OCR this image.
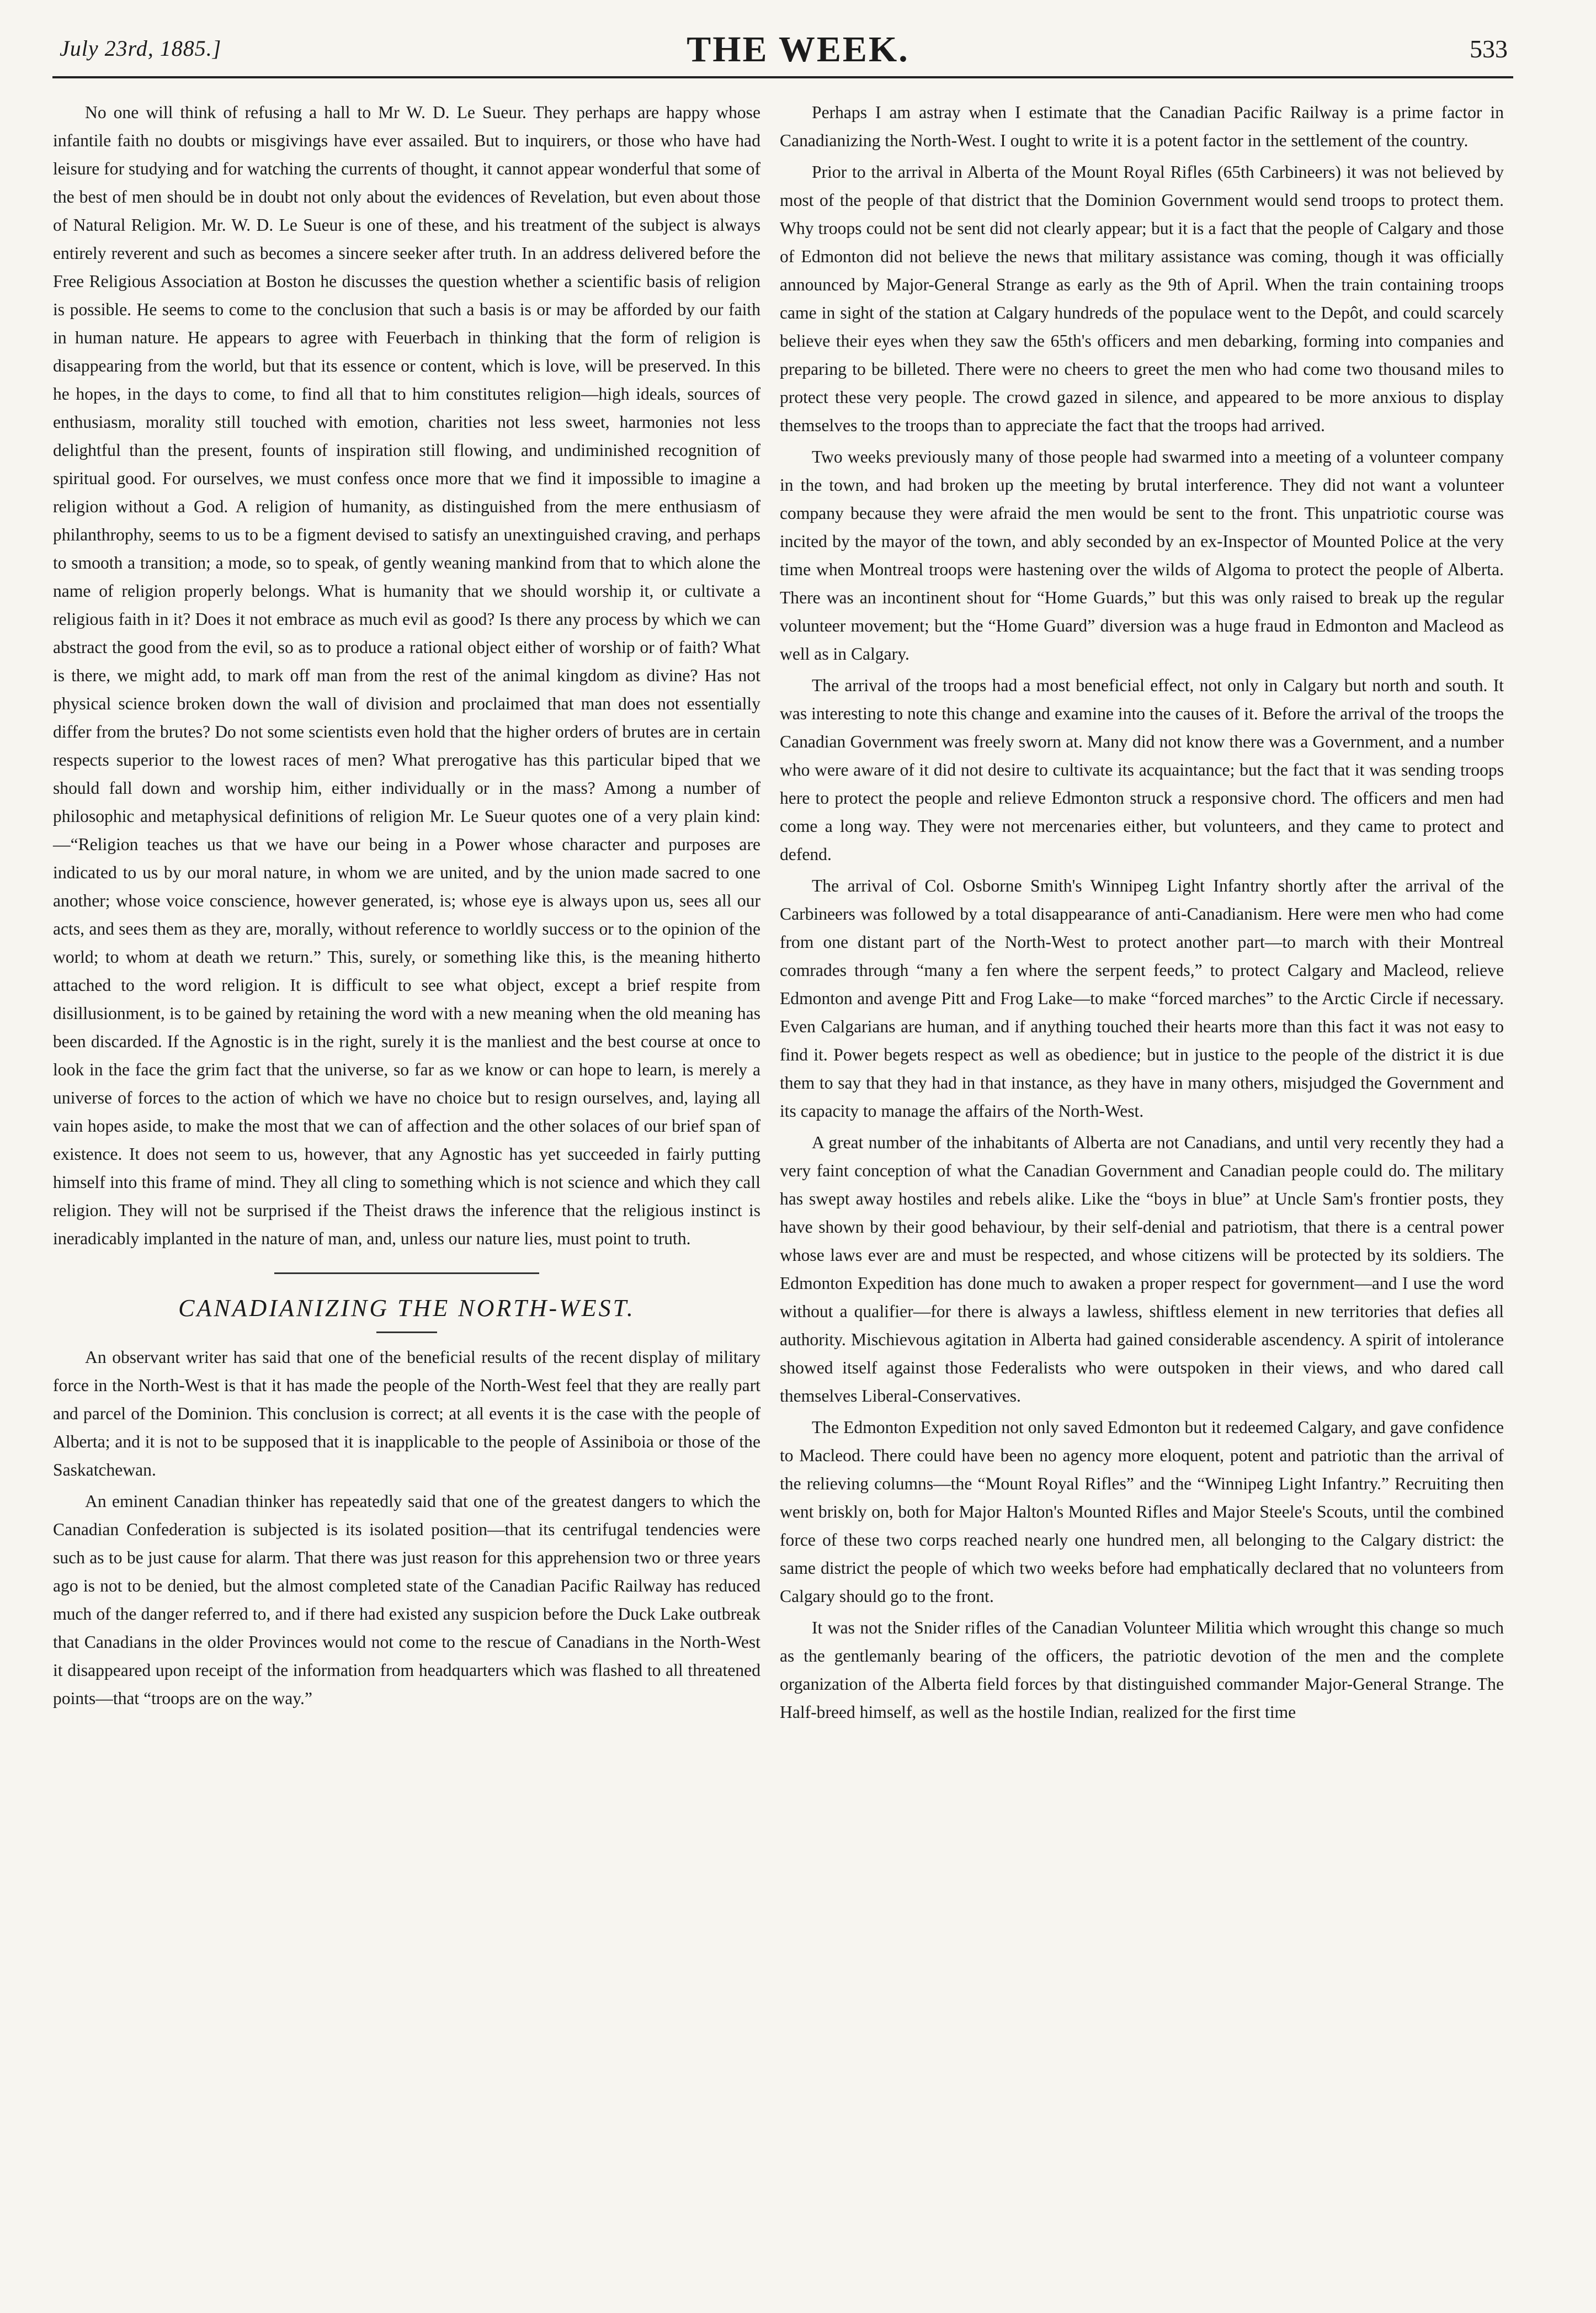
July 23rd, 1885.]	THE WEEK.	533

No one will think of refusing a hall to Mr W. D. Le Sueur. They perhaps are happy whose infantile faith no doubts or misgivings have ever assailed. But to inquirers, or those who have had leisure for studying and for watching the currents of thought, it cannot appear wonderful that some of the best of men should be in doubt not only about the evidences of Revelation, but even about those of Natural Religion. Mr. W. D. Le Sueur is one of these, and his treatment of the subject is always entirely reverent and such as becomes a sincere seeker after truth. In an address delivered before the Free Religious Association at Boston he discusses the question whether a scientific basis of religion is possible. He seems to come to the conclusion that such a basis is or may be afforded by our faith in human nature. He appears to agree with Feuerbach in thinking that the form of religion is disappearing from the world, but that its essence or content, which is love, will be preserved. In this he hopes, in the days to come, to find all that to him constitutes religion—high ideals, sources of enthusiasm, morality still touched with emotion, charities not less sweet, harmonies not less delightful than the present, founts of inspiration still flowing, and undiminished recognition of spiritual good. For ourselves, we must confess once more that we find it impossible to imagine a religion without a God. A religion of humanity, as distinguished from the mere enthusiasm of philanthrophy, seems to us to be a figment devised to satisfy an unextinguished craving, and perhaps to smooth a transition; a mode, so to speak, of gently weaning mankind from that to which alone the name of religion properly belongs. What is humanity that we should worship it, or cultivate a religious faith in it? Does it not embrace as much evil as good? Is there any process by which we can abstract the good from the evil, so as to produce a rational object either of worship or of faith? What is there, we might add, to mark off man from the rest of the animal kingdom as divine? Has not physical science broken down the wall of division and proclaimed that man does not essentially differ from the brutes? Do not some scientists even hold that the higher orders of brutes are in certain respects superior to the lowest races of men? What prerogative has this particular biped that we should fall down and worship him, either individually or in the mass? Among a number of philosophic and metaphysical definitions of religion Mr. Le Sueur quotes one of a very plain kind:—“Religion teaches us that we have our being in a Power whose character and purposes are indicated to us by our moral nature, in whom we are united, and by the union made sacred to one another; whose voice conscience, however generated, is; whose eye is always upon us, sees all our acts, and sees them as they are, morally, without reference to worldly success or to the opinion of the world; to whom at death we return.” This, surely, or something like this, is the meaning hitherto attached to the word religion. It is difficult to see what object, except a brief respite from disillusionment, is to be gained by retaining the word with a new meaning when the old meaning has been discarded. If the Agnostic is in the right, surely it is the manliest and the best course at once to look in the face the grim fact that the universe, so far as we know or can hope to learn, is merely a universe of forces to the action of which we have no choice but to resign ourselves, and, laying all vain hopes aside, to make the most that we can of affection and the other solaces of our brief span of existence. It does not seem to us, however, that any Agnostic has yet succeeded in fairly putting himself into this frame of mind. They all cling to something which is not science and which they call religion. They will not be surprised if the Theist draws the inference that the religious instinct is ineradicably implanted in the nature of man, and, unless our nature lies, must point to truth.

CANADIANIZING THE NORTH-WEST.

An observant writer has said that one of the beneficial results of the recent display of military force in the North-West is that it has made the people of the North-West feel that they are really part and parcel of the Dominion. This conclusion is correct; at all events it is the case with the people of Alberta; and it is not to be supposed that it is inapplicable to the people of Assiniboia or those of the Saskatchewan.

An eminent Canadian thinker has repeatedly said that one of the greatest dangers to which the Canadian Confederation is subjected is its isolated position—that its centrifugal tendencies were such as to be just cause for alarm. That there was just reason for this apprehension two or three years ago is not to be denied, but the almost completed state of the Canadian Pacific Railway has reduced much of the danger referred to, and if there had existed any suspicion before the Duck Lake outbreak that Canadians in the older Provinces would not come to the rescue of Canadians in the North-West it disappeared upon receipt of the information from headquarters which was flashed to all threatened points—that “troops are on the way.”

Perhaps I am astray when I estimate that the Canadian Pacific Railway is a prime factor in Canadianizing the North-West. I ought to write it is a potent factor in the settlement of the country.

Prior to the arrival in Alberta of the Mount Royal Rifles (65th Carbineers) it was not believed by most of the people of that district that the Dominion Government would send troops to protect them. Why troops could not be sent did not clearly appear; but it is a fact that the people of Calgary and those of Edmonton did not believe the news that military assistance was coming, though it was officially announced by Major-General Strange as early as the 9th of April. When the train containing troops came in sight of the station at Calgary hundreds of the populace went to the Depôt, and could scarcely believe their eyes when they saw the 65th's officers and men debarking, forming into companies and preparing to be billeted. There were no cheers to greet the men who had come two thousand miles to protect these very people. The crowd gazed in silence, and appeared to be more anxious to display themselves to the troops than to appreciate the fact that the troops had arrived.

Two weeks previously many of those people had swarmed into a meeting of a volunteer company in the town, and had broken up the meeting by brutal interference. They did not want a volunteer company because they were afraid the men would be sent to the front. This unpatriotic course was incited by the mayor of the town, and ably seconded by an ex-Inspector of Mounted Police at the very time when Montreal troops were hastening over the wilds of Algoma to protect the people of Alberta. There was an incontinent shout for “Home Guards,” but this was only raised to break up the regular volunteer movement; but the “Home Guard” diversion was a huge fraud in Edmonton and Macleod as well as in Calgary.

The arrival of the troops had a most beneficial effect, not only in Calgary but north and south. It was interesting to note this change and examine into the causes of it. Before the arrival of the troops the Canadian Government was freely sworn at. Many did not know there was a Government, and a number who were aware of it did not desire to cultivate its acquaintance; but the fact that it was sending troops here to protect the people and relieve Edmonton struck a responsive chord. The officers and men had come a long way. They were not mercenaries either, but volunteers, and they came to protect and defend.

The arrival of Col. Osborne Smith's Winnipeg Light Infantry shortly after the arrival of the Carbineers was followed by a total disappearance of anti-Canadianism. Here were men who had come from one distant part of the North-West to protect another part—to march with their Montreal comrades through “many a fen where the serpent feeds,” to protect Calgary and Macleod, relieve Edmonton and avenge Pitt and Frog Lake—to make “forced marches” to the Arctic Circle if necessary. Even Calgarians are human, and if anything touched their hearts more than this fact it was not easy to find it. Power begets respect as well as obedience; but in justice to the people of the district it is due them to say that they had in that instance, as they have in many others, misjudged the Government and its capacity to manage the affairs of the North-West.

A great number of the inhabitants of Alberta are not Canadians, and until very recently they had a very faint conception of what the Canadian Government and Canadian people could do. The military has swept away hostiles and rebels alike. Like the “boys in blue” at Uncle Sam's frontier posts, they have shown by their good behaviour, by their self-denial and patriotism, that there is a central power whose laws ever are and must be respected, and whose citizens will be protected by its soldiers. The Edmonton Expedition has done much to awaken a proper respect for government—and I use the word without a qualifier—for there is always a lawless, shiftless element in new territories that defies all authority. Mischievous agitation in Alberta had gained considerable ascendency. A spirit of intolerance showed itself against those Federalists who were outspoken in their views, and who dared call themselves Liberal-Conservatives.

The Edmonton Expedition not only saved Edmonton but it redeemed Calgary, and gave confidence to Macleod. There could have been no agency more eloquent, potent and patriotic than the arrival of the relieving columns—the “Mount Royal Rifles” and the “Winnipeg Light Infantry.” Recruiting then went briskly on, both for Major Halton's Mounted Rifles and Major Steele's Scouts, until the combined force of these two corps reached nearly one hundred men, all belonging to the Calgary district: the same district the people of which two weeks before had emphatically declared that no volunteers from Calgary should go to the front.

It was not the Snider rifles of the Canadian Volunteer Militia which wrought this change so much as the gentlemanly bearing of the officers, the patriotic devotion of the men and the complete organization of the Alberta field forces by that distinguished commander Major-General Strange. The Half-breed himself, as well as the hostile Indian, realized for the first time
